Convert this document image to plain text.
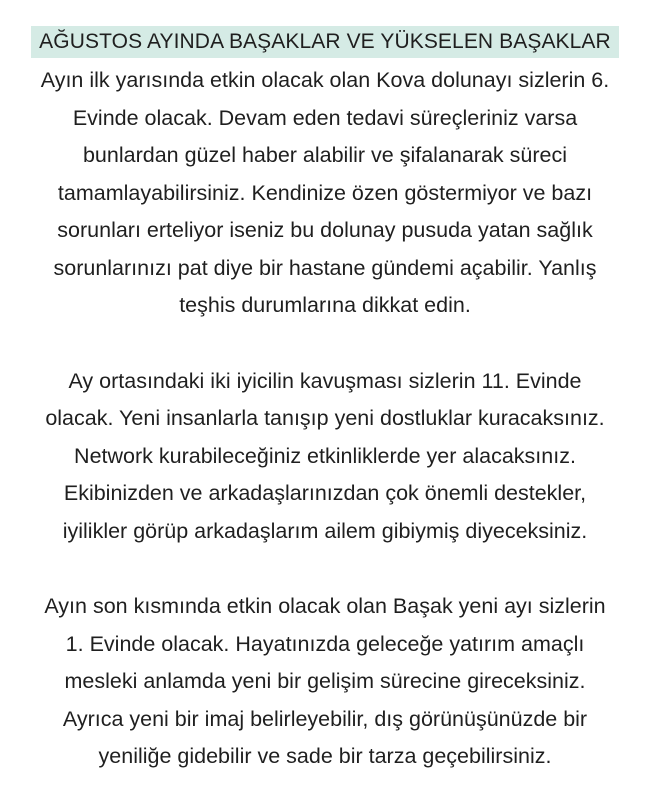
AĞUSTOS AYINDA BAŞAKLAR VE YÜKSELEN BAŞAKLAR
Ayın ilk yarısında etkin olacak olan Kova dolunayı sizlerin 6.
Evinde olacak. Devam eden tedavi süreçleriniz varsa
bunlardan güzel haber alabilir ve şifalanarak süreci
tamamlayabilirsiniz. Kendinize özen göstermiyor ve bazı
sorunları erteliyor iseniz bu dolunay pusuda yatan sağlık
sorunlarınızı pat diye bir hastane gündemi açabilir. Yanlış
teşhis durumlarına dikkat edin.
Ay ortasındaki iki iyicilin kavuşması sizlerin 11. Evinde
olacak. Yeni insanlarla tanışıp yeni dostluklar kuracaksınız.
Network kurabileceğiniz etkinliklerde yer alacaksınız.
Ekibinizden ve arkadaşlarınızdan çok önemli destekler,
iyilikler görüp arkadaşlarım ailem gibiymiş diyeceksiniz.
Ayın son kısmında etkin olacak olan Başak yeni ayı sizlerin
1. Evinde olacak. Hayatınızda geleceğe yatırım amaçlı
mesleki anlamda yeni bir gelişim sürecine gireceksiniz.
Ayrıca yeni bir imaj belirleyebilir, dış görünüşünüzde bir
yeniliğe gidebilir ve sade bir tarza geçebilirsiniz.
